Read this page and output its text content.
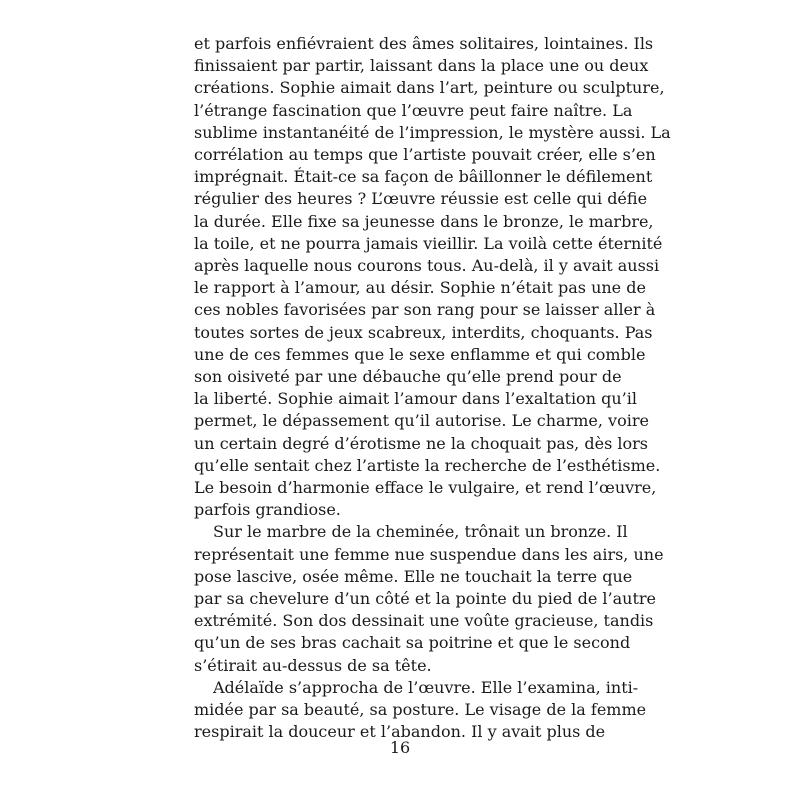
et parfois enfiévraient des âmes solitaires, lointaines. Ils
finissaient par partir, laissant dans la place une ou deux
créations. Sophie aimait dans l’art, peinture ou sculpture,
l’étrange fascination que l’œuvre peut faire naître. La
sublime instantanéité de l’impression, le mystère aussi. La
corrélation au temps que l’artiste pouvait créer, elle s’en
imprégnait. Était-ce sa façon de bâillonner le défilement
régulier des heures ? L’œuvre réussie est celle qui défie
la durée. Elle fixe sa jeunesse dans le bronze, le marbre,
la toile, et ne pourra jamais vieillir. La voilà cette éternité
après laquelle nous courons tous. Au-delà, il y avait aussi
le rapport à l’amour, au désir. Sophie n’était pas une de
ces nobles favorisées par son rang pour se laisser aller à
toutes sortes de jeux scabreux, interdits, choquants. Pas
une de ces femmes que le sexe enflamme et qui comble
son oisiveté par une débauche qu’elle prend pour de
la liberté. Sophie aimait l’amour dans l’exaltation qu’il
permet, le dépassement qu’il autorise. Le charme, voire
un certain degré d’érotisme ne la choquait pas, dès lors
qu’elle sentait chez l’artiste la recherche de l’esthétisme.
Le besoin d’harmonie efface le vulgaire, et rend l’œuvre,
parfois grandiose.
Sur le marbre de la cheminée, trônait un bronze. Il
représentait une femme nue suspendue dans les airs, une
pose lascive, osée même. Elle ne touchait la terre que
par sa chevelure d’un côté et la pointe du pied de l’autre
extrémité. Son dos dessinait une voûte gracieuse, tandis
qu’un de ses bras cachait sa poitrine et que le second
s’étirait au-dessus de sa tête.
Adélaïde s’approcha de l’œuvre. Elle l’examina, inti-
midée par sa beauté, sa posture. Le visage de la femme
respirait la douceur et l’abandon. Il y avait plus de
16
